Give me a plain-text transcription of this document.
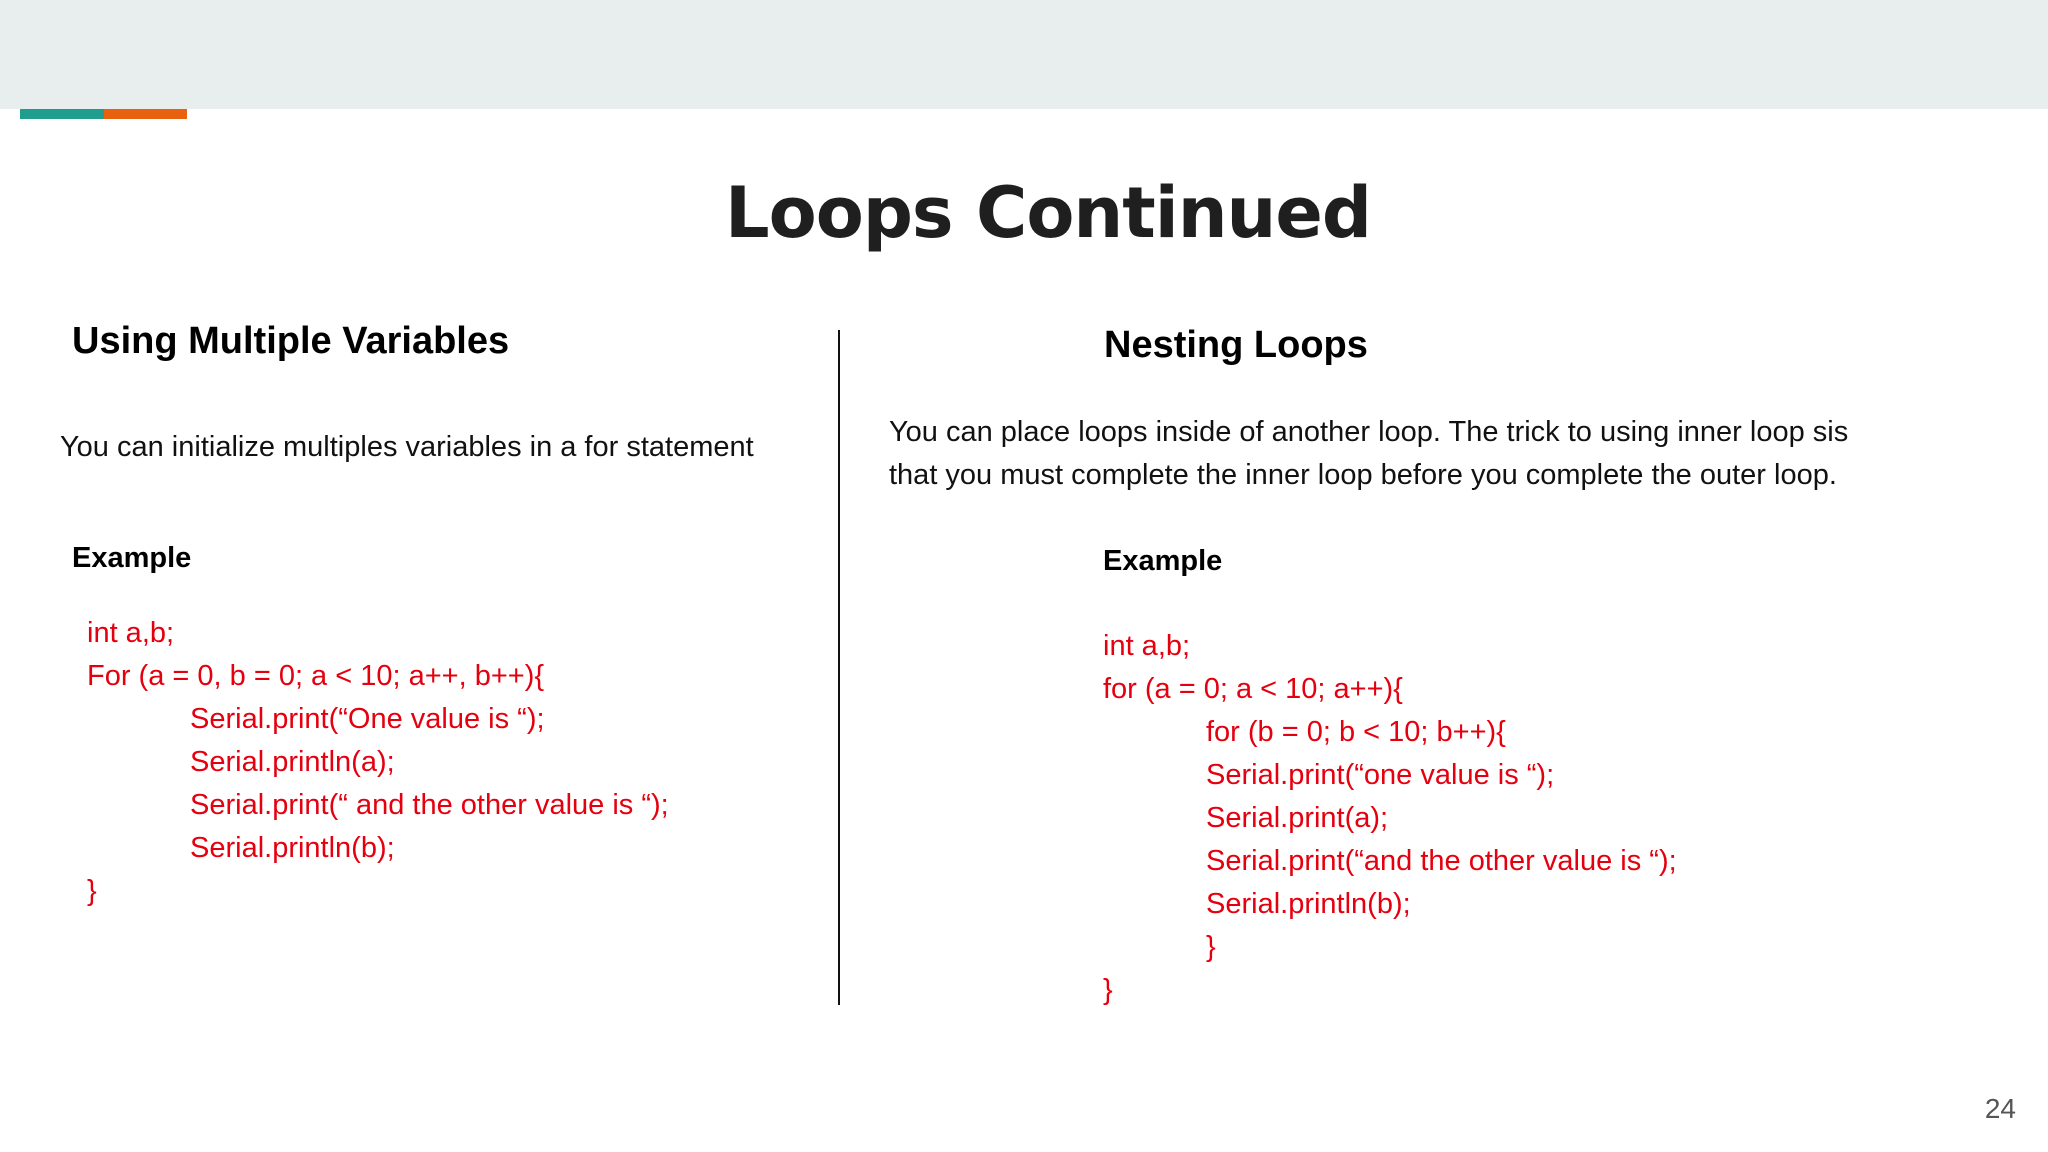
Loops Continued
Using Multiple Variables
You can initialize multiples variables in a for statement
Example
int a,b;
For (a = 0, b = 0; a < 10; a++, b++){
Serial.print(“One value is “);
Serial.println(a);
Serial.print(“ and the other value is “);
Serial.println(b);
}
Nesting Loops
You can place loops inside of another loop. The trick to using inner loop sis
that you must complete the inner loop before you complete the outer loop.
Example
int a,b;
for (a = 0; a < 10; a++){
for (b = 0; b < 10; b++){
Serial.print(“one value is “);
Serial.print(a);
Serial.print(“and the other value is “);
Serial.println(b);
}
}
24
